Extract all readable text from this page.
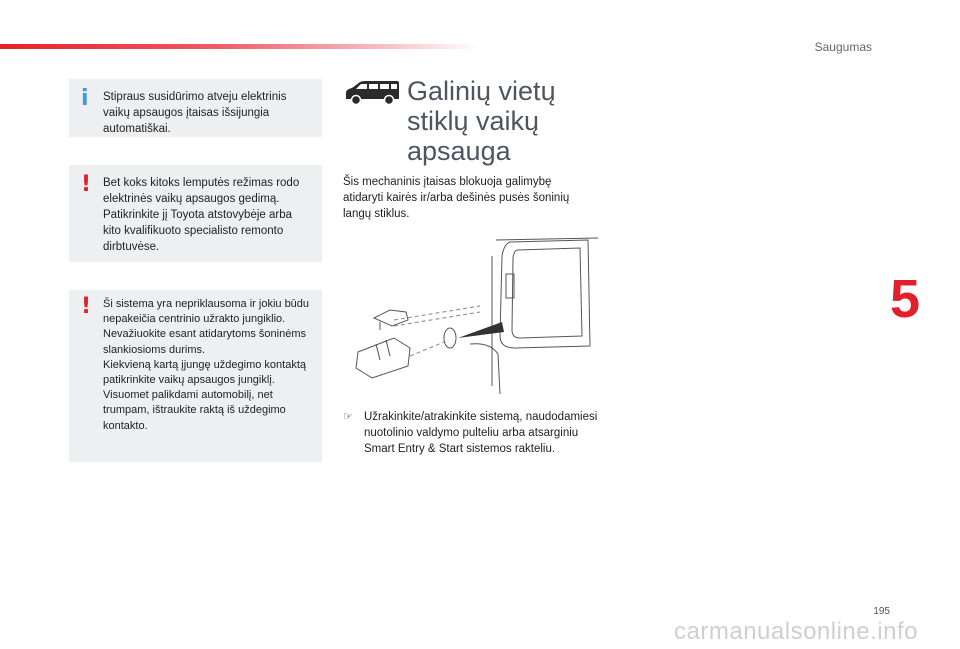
Saugumas
5
i Stipraus susidūrimo atveju elektrinis vaikų apsaugos įtaisas išsijungia automatiškai.

! Bet koks kitoks lemputės režimas rodo elektrinės vaikų apsaugos gedimą. Patikrinkite jį Toyota atstovybėje arba kito kvalifikuoto specialisto remonto dirbtuvėse.

! Ši sistema yra nepriklausoma ir jokiu būdu nepakeičia centrinio užrakto jungiklio.

Nevažiuokite esant atidarytoms šoninėms slankiosioms durims.

Kiekvieną kartą įjungę uždegimo kontaktą patikrinkite vaikų apsaugos jungiklį.

Visuomet palikdami automobilį, net trumpam, ištraukite raktą iš uždegimo kontakto.

Galinių vietų
stiklų vaikų
apsauga

Šis mechaninis įtaisas blokuoja galimybę atidaryti kairės ir/arba dešinės pusės šoninių langų stiklus.

☞ Užrakinkite/atrakinkite sistemą, naudodamiesi nuotolinio valdymo pulteliu arba atsarginiu Smart Entry & Start sistemos rakteliu.

195
carmanualsonline.info
